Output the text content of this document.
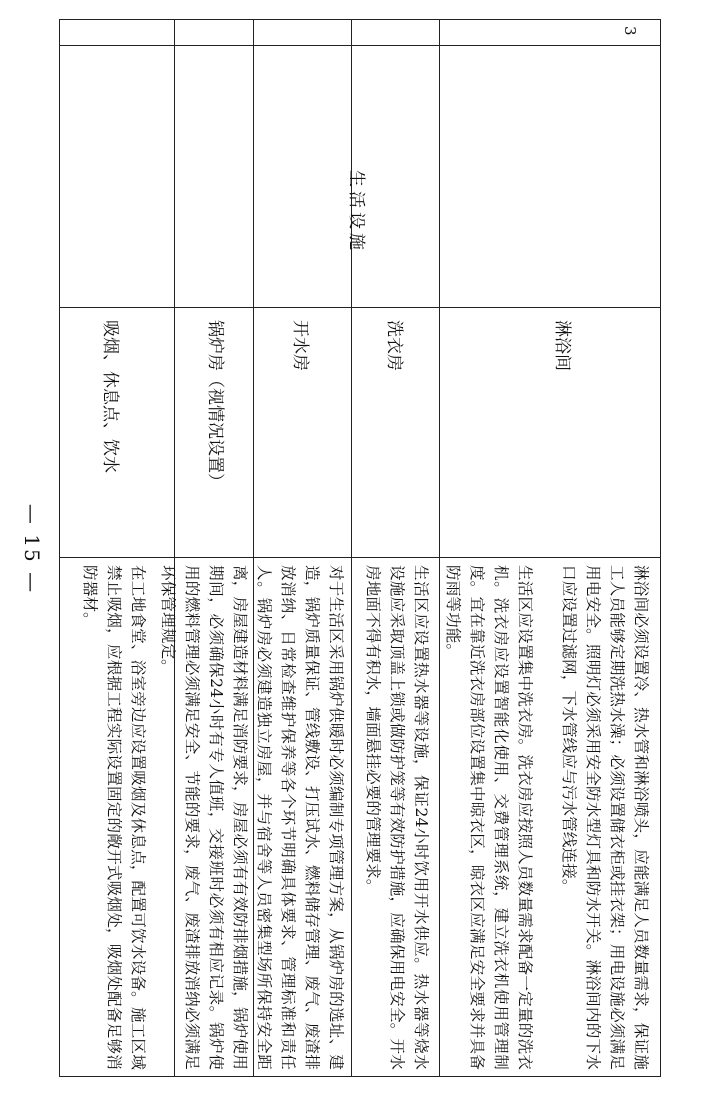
3
生活设施
淋浴间
洗衣房
开水房
锅炉房（视情况设置）
吸烟、休息点、饮水
淋浴间必须设置冷、热水管和淋浴喷头，应能满足人员数量需求，保证施工人员能够定期洗热水澡；必须设置储衣柜或挂衣架；用电设施必须满足用电安全。照明灯必须采用安全防水型灯具和防水开关。淋浴间内的下水口应设置过滤网，下水管线应与污水管线连接。
生活区应设置集中洗衣房。洗衣房应按照人员数量需求配备一定量的洗衣机。洗衣房应设置智能化使用、交费管理系统，建立洗衣机使用管理制度。宜在靠近洗衣房部位设置集中晾衣区，晾衣区应满足安全要求并具备防雨等功能。
生活区应设置热水器等设施，保证24小时饮用开水供应。热水器等烧水设施应采取顶盖上锁或做防护笼等有效防护措施，应确保用电安全。开水房地面不得有积水，墙面悬挂必要的管理要求。
对于生活区采用锅炉供暖时必须编制专项管理方案，从锅炉房的选址、建造，锅炉质量保证、管线敷设、打压试水、燃料储存管理、废气、废渣排放消纳、日常检查维护保养等各个环节明确具体要求、管理标准和责任人。锅炉房必须建造独立房屋，并与宿舍等人员密集型场所保持安全距离，房屋建造材料满足消防要求，房屋必须有有效防排烟措施，锅炉使用期间，必须确保24小时有专人值班，交接班时必须有相应记录。锅炉使用的燃料管理必须满足安全、节能的要求，废气、废渣排放消纳必须满足环保管理规定。
在工地食堂、浴室旁边应设置吸烟及休息点，配置可饮水设备。施工区域禁止吸烟，应根据工程实际设置固定的敞开式吸烟处，吸烟处配备足够消防器材。
— 15 —
